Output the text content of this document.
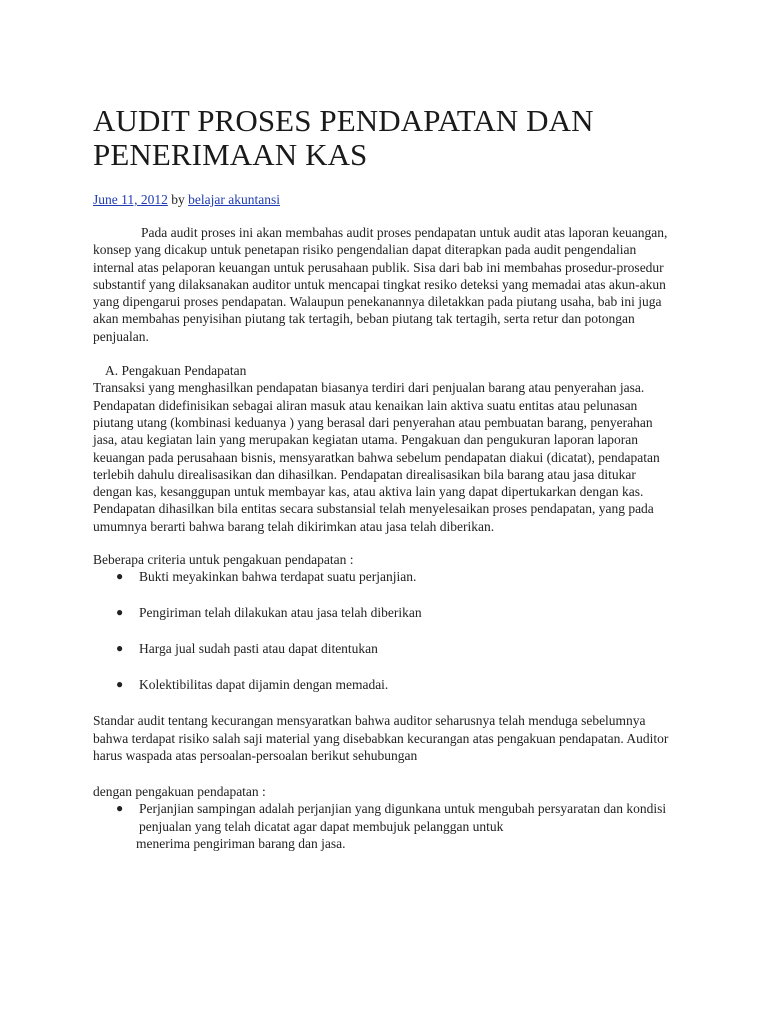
AUDIT PROSES PENDAPATAN DAN
PENERIMAAN KAS
June 11, 2012 by belajar akuntansi

Pada audit proses ini akan membahas audit proses pendapatan untuk audit atas laporan keuangan, konsep yang dicakup untuk penetapan risiko pengendalian dapat diterapkan pada audit pengendalian internal atas pelaporan keuangan untuk perusahaan publik. Sisa dari bab ini membahas prosedur-prosedur substantif yang dilaksanakan auditor untuk mencapai tingkat resiko deteksi yang memadai atas akun-akun yang dipengarui proses pendapatan. Walaupun penekanannya diletakkan pada piutang usaha, bab ini juga akan membahas penyisihan piutang tak tertagih, beban piutang tak tertagih, serta retur dan potongan penjualan.

A. Pengakuan Pendapatan

Transaksi yang menghasilkan pendapatan biasanya terdiri dari penjualan barang atau penyerahan jasa. Pendapatan didefinisikan sebagai aliran masuk atau kenaikan lain aktiva suatu entitas atau pelunasan piutang utang (kombinasi keduanya ) yang berasal dari penyerahan atau pembuatan barang, penyerahan jasa, atau kegiatan lain yang merupakan kegiatan utama. Pengakuan dan pengukuran laporan laporan keuangan pada perusahaan bisnis, mensyaratkan bahwa sebelum pendapatan diakui (dicatat), pendapatan terlebih dahulu direalisasikan dan dihasilkan. Pendapatan direalisasikan bila barang atau jasa ditukar dengan kas, kesanggupan untuk membayar kas, atau aktiva lain yang dapat dipertukarkan dengan kas. Pendapatan dihasilkan bila entitas secara substansial telah menyelesaikan proses pendapatan, yang pada umumnya berarti bahwa barang telah dikirimkan atau jasa telah diberikan.

Beberapa criteria untuk pengakuan pendapatan :

● Bukti meyakinkan bahwa terdapat suatu perjanjian.
● Pengiriman telah dilakukan atau jasa telah diberikan
● Harga jual sudah pasti atau dapat ditentukan
● Kolektibilitas dapat dijamin dengan memadai.

Standar audit tentang kecurangan mensyaratkan bahwa auditor seharusnya telah menduga sebelumnya bahwa terdapat risiko salah saji material yang disebabkan kecurangan atas pengakuan pendapatan. Auditor harus waspada atas persoalan-persoalan berikut sehubungan

dengan pengakuan pendapatan :

● Perjanjian sampingan adalah perjanjian yang digunkana untuk mengubah persyaratan dan kondisi penjualan yang telah dicatat agar dapat membujuk pelanggan untuk
menerima pengiriman barang dan jasa.
